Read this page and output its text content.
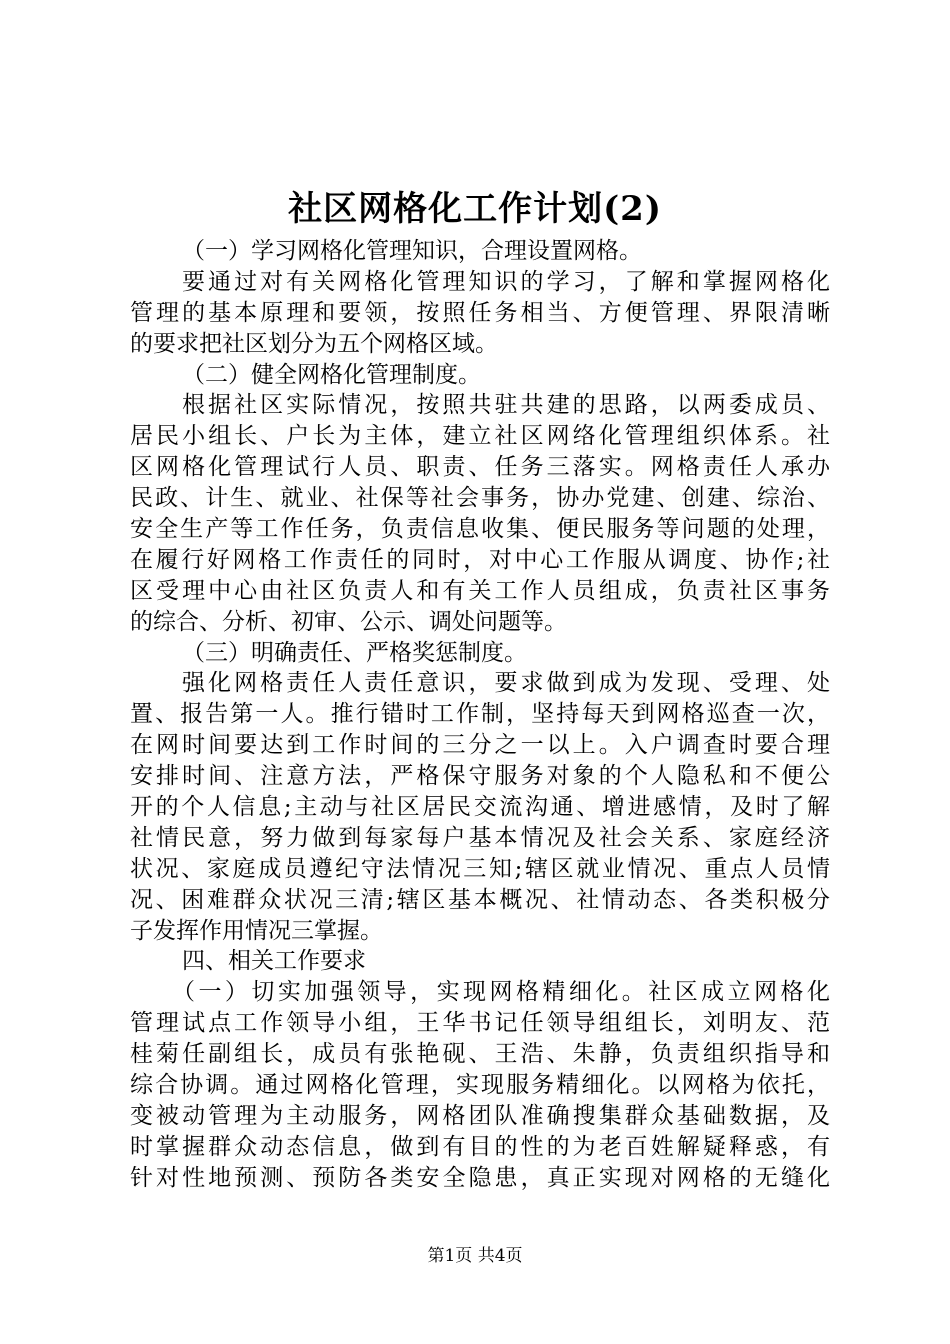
社区网格化工作计划(2)
（一）学习网格化管理知识，合理设置网格。
要通过对有关网格化管理知识的学习，了解和掌握网格化
管理的基本原理和要领，按照任务相当、方便管理、界限清晰
的要求把社区划分为五个网格区域。
（二）健全网格化管理制度。
根据社区实际情况，按照共驻共建的思路，以两委成员、
居民小组长、户长为主体，建立社区网络化管理组织体系。社
区网格化管理试行人员、职责、任务三落实。网格责任人承办
民政、计生、就业、社保等社会事务，协办党建、创建、综治、
安全生产等工作任务，负责信息收集、便民服务等问题的处理，
在履行好网格工作责任的同时，对中心工作服从调度、协作;社
区受理中心由社区负责人和有关工作人员组成，负责社区事务
的综合、分析、初审、公示、调处问题等。
（三）明确责任、严格奖惩制度。
强化网格责任人责任意识，要求做到成为发现、受理、处
置、报告第一人。推行错时工作制，坚持每天到网格巡查一次，
在网时间要达到工作时间的三分之一以上。入户调查时要合理
安排时间、注意方法，严格保守服务对象的个人隐私和不便公
开的个人信息;主动与社区居民交流沟通、增进感情，及时了解
社情民意，努力做到每家每户基本情况及社会关系、家庭经济
状况、家庭成员遵纪守法情况三知;辖区就业情况、重点人员情
况、困难群众状况三清;辖区基本概况、社情动态、各类积极分
子发挥作用情况三掌握。
四、相关工作要求
（一）切实加强领导，实现网格精细化。社区成立网格化
管理试点工作领导小组，王华书记任领导组组长，刘明友、范
桂菊任副组长，成员有张艳砚、王浩、朱静，负责组织指导和
综合协调。通过网格化管理，实现服务精细化。以网格为依托，
变被动管理为主动服务，网格团队准确搜集群众基础数据，及
时掌握群众动态信息，做到有目的性的为老百姓解疑释惑，有
针对性地预测、预防各类安全隐患，真正实现对网格的无缝化
第1页 共4页
